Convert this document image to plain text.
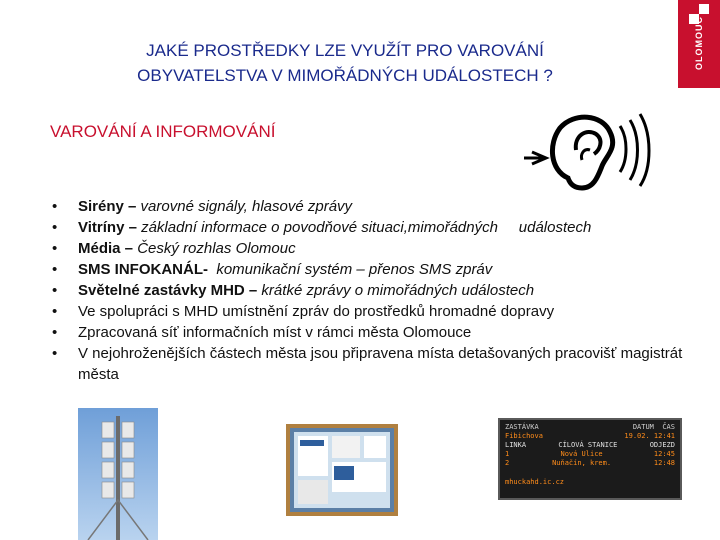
JAKÉ PROSTŘEDKY LZE VYUŽÍT PRO VAROVÁNÍ
OBYVATELSTVA V MIMOŘÁDNÝCH UDÁLOSTECH ?
OLOMOUC
VAROVÁNÍ A INFORMOVÁNÍ
• Sirény – varovné signály, hlasové zprávy
• Vitríny – základní informace o povodňové situaci,mimořádných     událostech
• Média – Český rozhlas Olomouc
• SMS INFOKANÁL-  komunikační systém – přenos SMS zpráv
• Světelné zastávky MHD – krátké zprávy o mimořádných událostech
• Ve spolupráci s MHD umístnění zpráv do prostředků hromadné dopravy
• Zpracovaná síť informačních míst v rámci města Olomouce
• V nejohroženějších částech města jsou připravena místa detašovaných pracovišť magistrát města
ZASTÁVKA	DATUM ČAS
Fibichova	19.02. 12:41
LINKA	CÍLOVÁ STANICE	ODJEZD
1	Nová Ulice	12:45
2	Nuňačín, krem.	12:48
mhuckahd.ic.cz
